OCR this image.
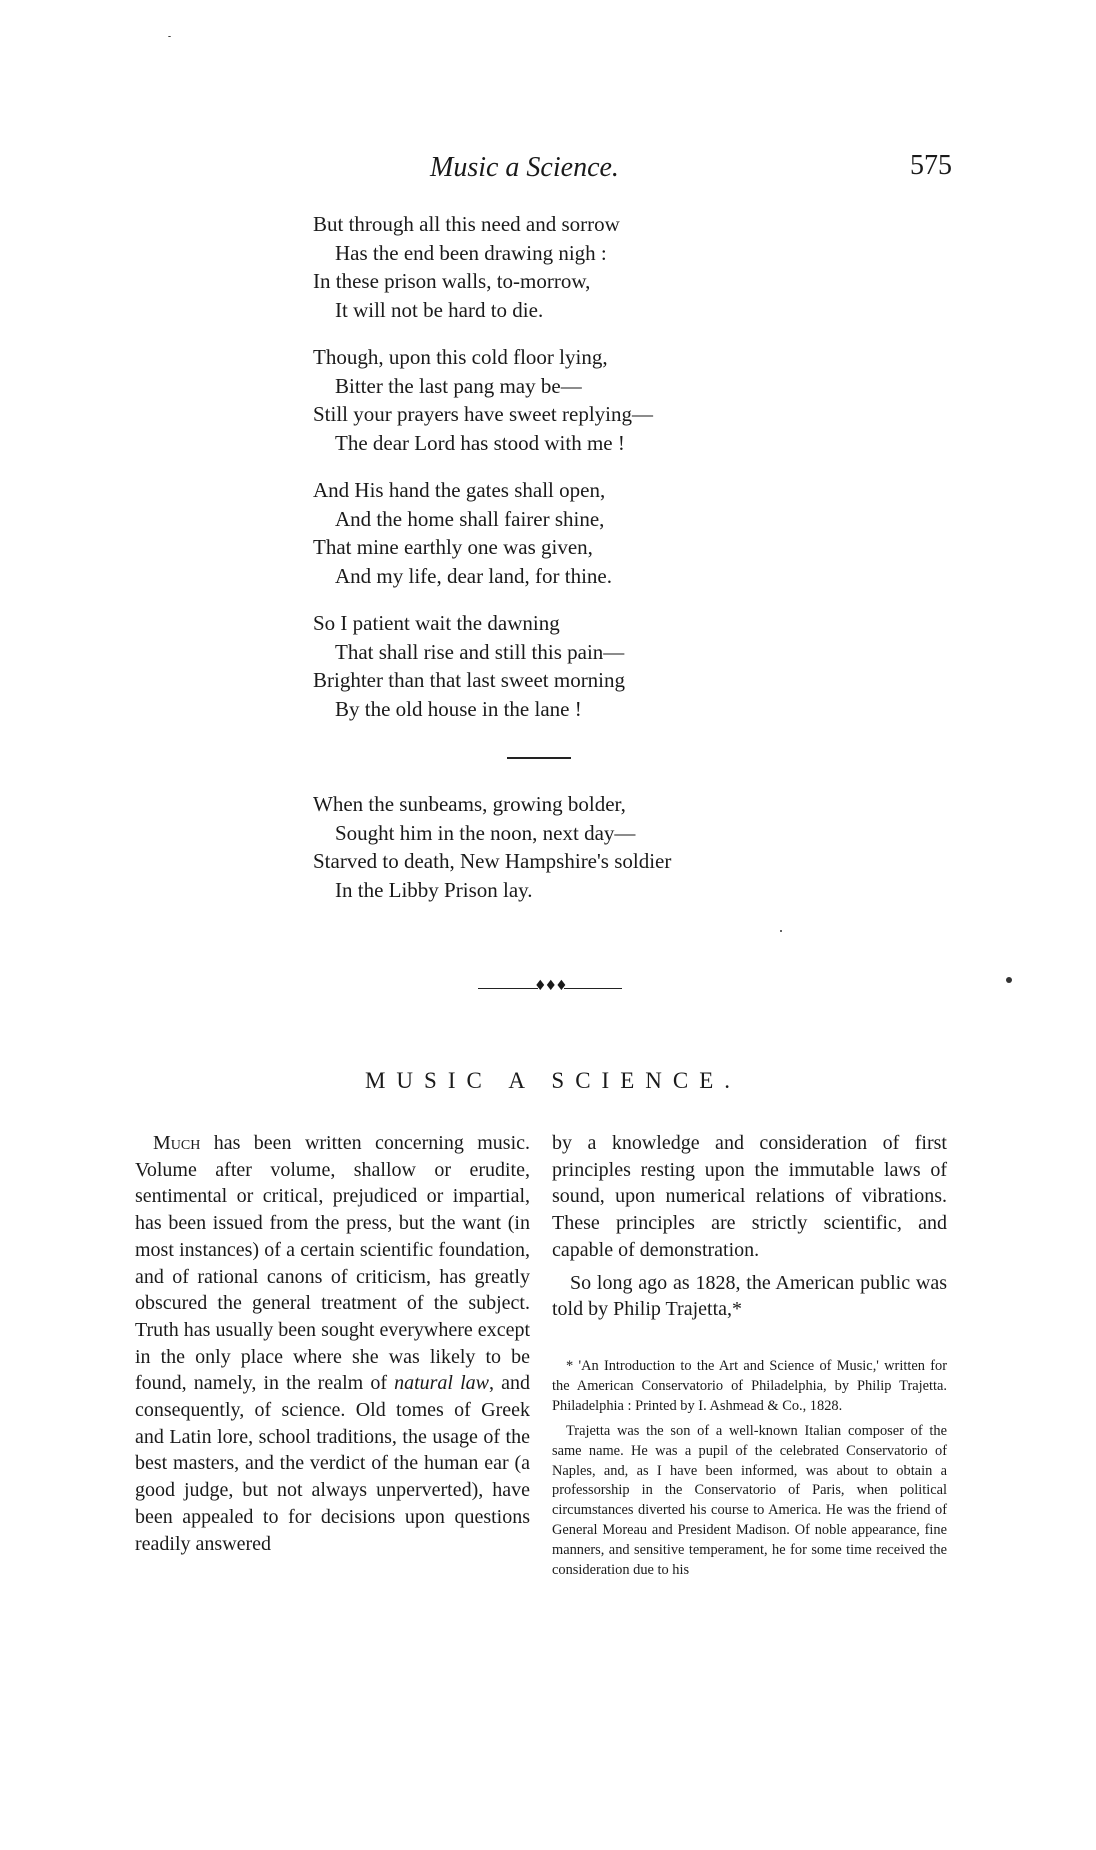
Music a Science.	575
But through all this need and sorrow
Has the end been drawing nigh :
In these prison walls, to-morrow,
It will not be hard to die.
Though, upon this cold floor lying,
Bitter the last pang may be—
Still your prayers have sweet replying—
The dear Lord has stood with me !
And His hand the gates shall open,
And the home shall fairer shine,
That mine earthly one was given,
And my life, dear land, for thine.
So I patient wait the dawning
That shall rise and still this pain—
Brighter than that last sweet morning
By the old house in the lane !
When the sunbeams, growing bolder,
Sought him in the noon, next day—
Starved to death, New Hampshire's soldier
In the Libby Prison lay.
♦♦♦
MUSIC A SCIENCE.

Much has been written concerning music. Volume after volume, shallow or erudite, sentimental or critical, prejudiced or impartial, has been issued from the press, but the want (in most instances) of a certain scientific foundation, and of rational canons of criticism, has greatly obscured the general treatment of the subject. Truth has usually been sought everywhere except in the only place where she was likely to be found, namely, in the realm of natural law, and consequently, of science. Old tomes of Greek and Latin lore, school traditions, the usage of the best masters, and the verdict of the human ear (a good judge, but not always unperverted), have been appealed to for decisions upon questions readily answered

by a knowledge and consideration of first principles resting upon the immutable laws of sound, upon numerical relations of vibrations. These principles are strictly scientific, and capable of demonstration.

So long ago as 1828, the American public was told by Philip Trajetta,*

* 'An Introduction to the Art and Science of Music,' written for the American Conservatorio of Philadelphia, by Philip Trajetta. Philadelphia : Printed by I. Ashmead & Co., 1828.

Trajetta was the son of a well-known Italian composer of the same name. He was a pupil of the celebrated Conservatorio of Naples, and, as I have been informed, was about to obtain a professorship in the Conservatorio of Paris, when political circumstances diverted his course to America. He was the friend of General Moreau and President Madison. Of noble appearance, fine manners, and sensitive temperament, he for some time received the consideration due to his
